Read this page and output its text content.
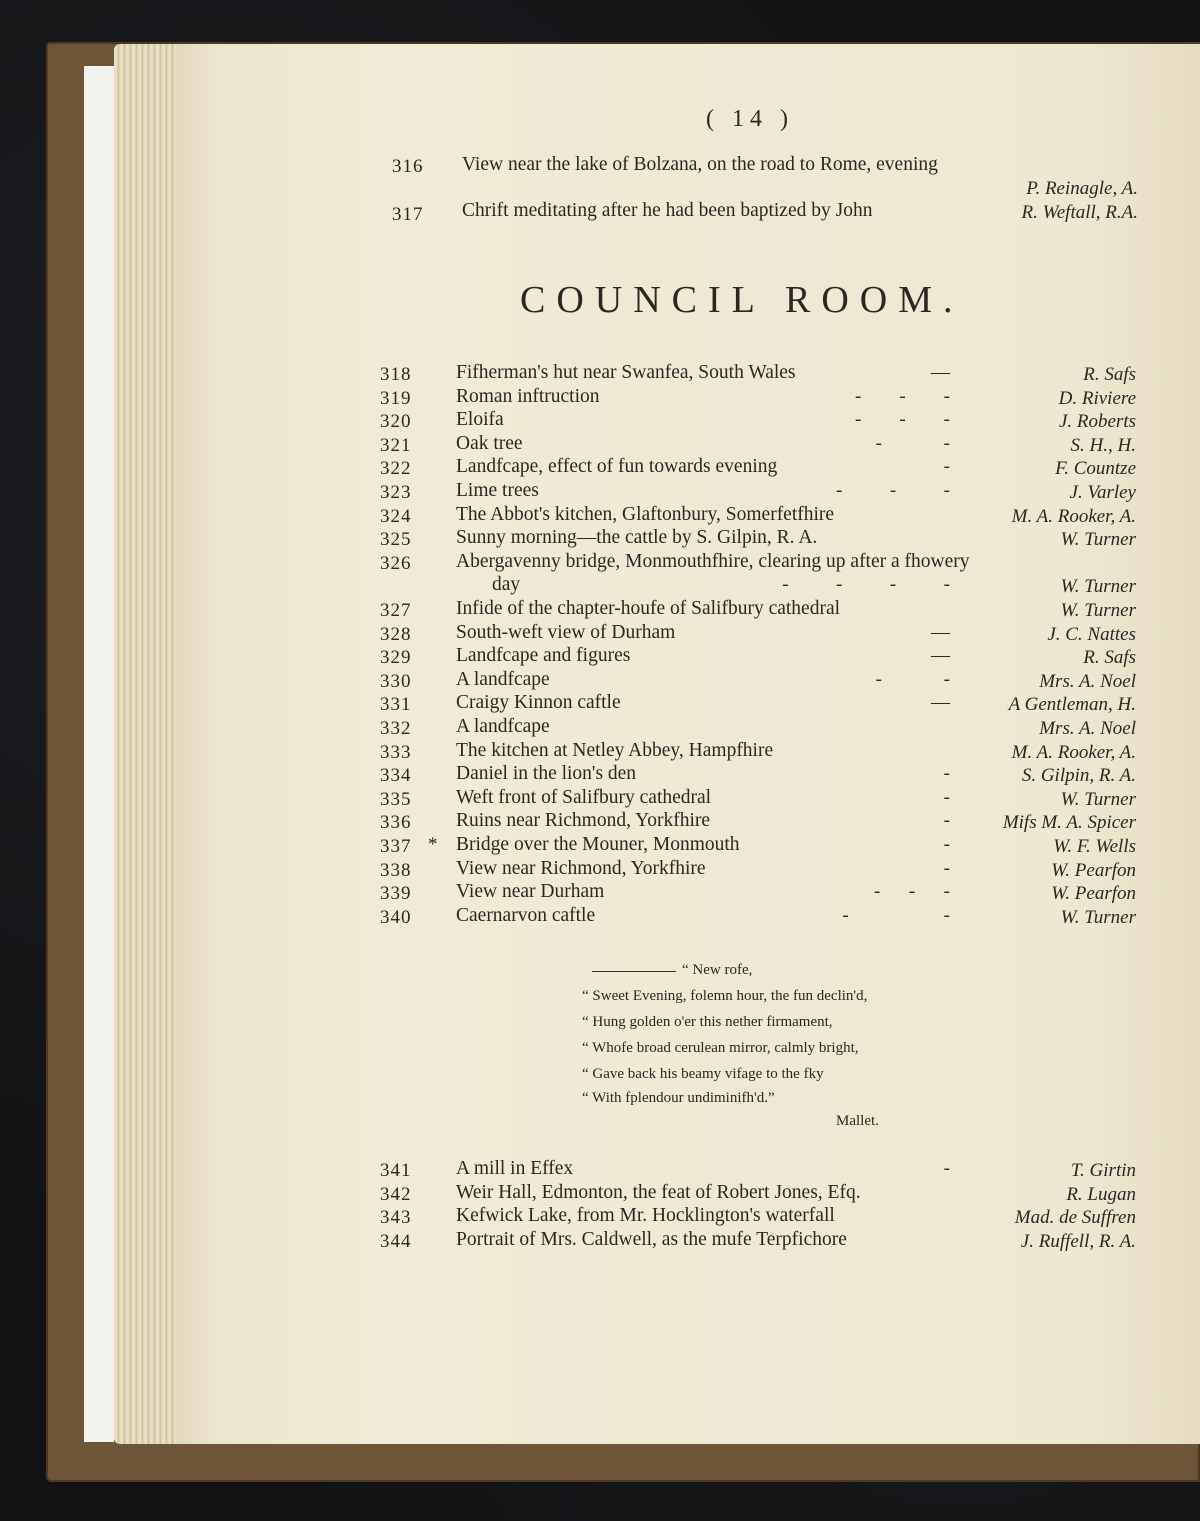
( 14 )
316 View near the lake of Bolzana, on the road to Rome, evening
P. Reinagle, A.
317 Chrift meditating after he had been baptized by John	R. Weftall, R.A.
COUNCIL ROOM.
318 Fifherman's hut near Swanfea, South Wales	—	R. Safs
319 Roman inftruction	-        -        -	D. Riviere
320 Eloifa	-        -        -	J. Roberts
321 Oak tree	-             -	S. H., H.
322 Landfcape, effect of fun towards evening	-	F. Countze
323 Lime trees	-          -          -	J. Varley
324 The Abbot's kitchen, Glaftonbury, Somerfetfhire	M. A. Rooker, A.
325 Sunny morning—the cattle by S. Gilpin, R. A.	W. Turner
326 Abergavenny bridge, Monmouthfhire, clearing up after a fhowery
day	-          -          -          -	W. Turner
327 Infide of the chapter-houfe of Salifbury cathedral	W. Turner
328 South-weft view of Durham	—	J. C. Nattes
329 Landfcape and figures	—	R. Safs
330 A landfcape	-             -	Mrs. A. Noel
331 Craigy Kinnon caftle	—	A Gentleman, H.
332 A landfcape	Mrs. A. Noel
333 The kitchen at Netley Abbey, Hampfhire	M. A. Rooker, A.
334 Daniel in the lion's den	-	S. Gilpin, R. A.
335 Weft front of Salifbury cathedral	-	W. Turner
336 Ruins near Richmond, Yorkfhire	-	Mifs M. A. Spicer
337 * Bridge over the Mouner, Monmouth	-	W. F. Wells
338 View near Richmond, Yorkfhire	-	W. Pearfon
339 View near Durham	-      -      -	W. Pearfon
340 Caernarvon caftle	-                    -	W. Turner
“ New rofe,
“ Sweet Evening, folemn hour, the fun declin'd,
“ Hung golden o'er this nether firmament,
“ Whofe broad cerulean mirror, calmly bright,
“ Gave back his beamy vifage to the fky
“ With fplendour undiminifh'd.”
Mallet.
341 A mill in Effex	-	T. Girtin
342 Weir Hall, Edmonton, the feat of Robert Jones, Efq.	R. Lugan
343 Kefwick Lake, from Mr. Hocklington's waterfall	Mad. de Suffren
344 Portrait of Mrs. Caldwell, as the mufe Terpfichore	J. Ruffell, R. A.
